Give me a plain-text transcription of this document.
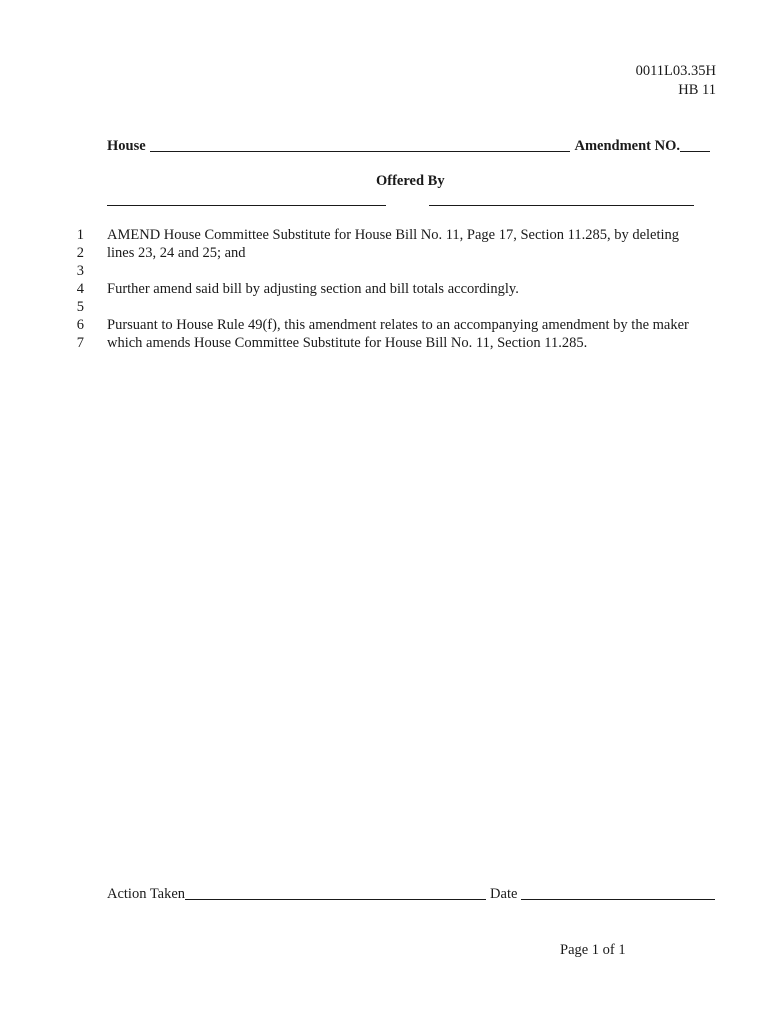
0011L03.35H
HB 11
House	Amendment NO.
Offered By
1 AMEND House Committee Substitute for House Bill No. 11, Page 17, Section 11.285, by deleting
2 lines 23, 24 and 25; and
3
4 Further amend said bill by adjusting section and bill totals accordingly.
5
6 Pursuant to House Rule 49(f), this amendment relates to an accompanying amendment by the maker
7 which amends House Committee Substitute for House Bill No. 11, Section 11.285.
Action Taken	Date
Page 1 of 1
